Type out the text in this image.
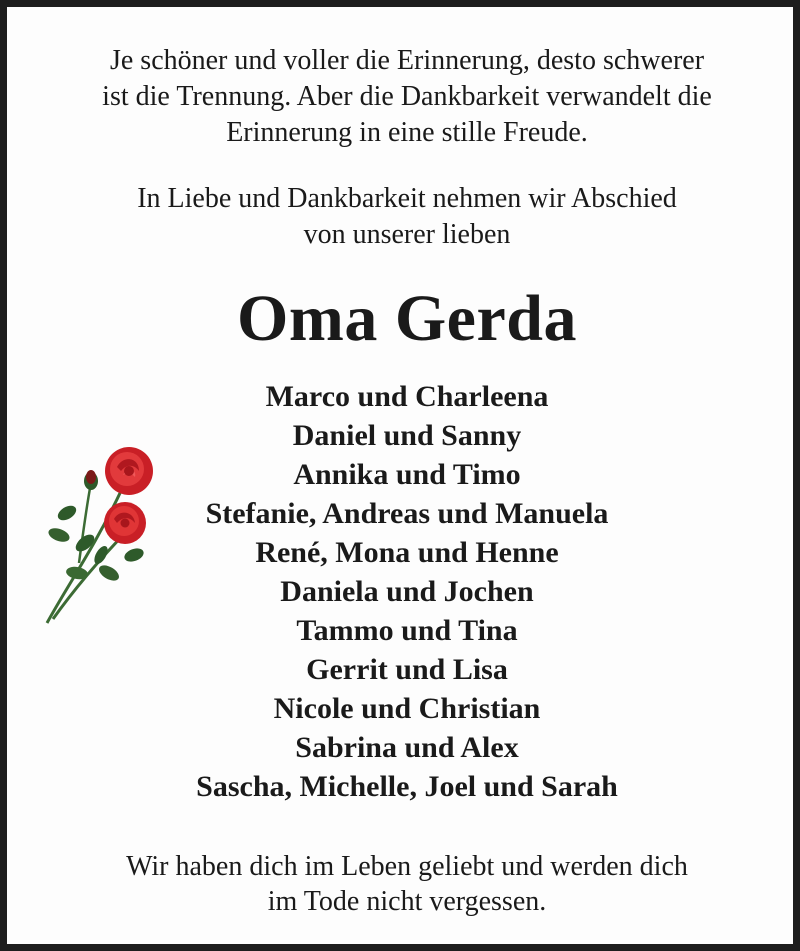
Je schöner und voller die Erinnerung, desto schwerer
ist die Trennung. Aber die Dankbarkeit verwandelt die
Erinnerung in eine stille Freude.
In Liebe und Dankbarkeit nehmen wir Abschied
von unserer lieben
Oma Gerda
Marco und Charleena
Daniel und Sanny
Annika und Timo
Stefanie, Andreas und Manuela
René, Mona und Henne
Daniela und Jochen
Tammo und Tina
Gerrit und Lisa
Nicole und Christian
Sabrina und Alex
Sascha, Michelle, Joel und Sarah
Wir haben dich im Leben geliebt und werden dich
im Tode nicht vergessen.
